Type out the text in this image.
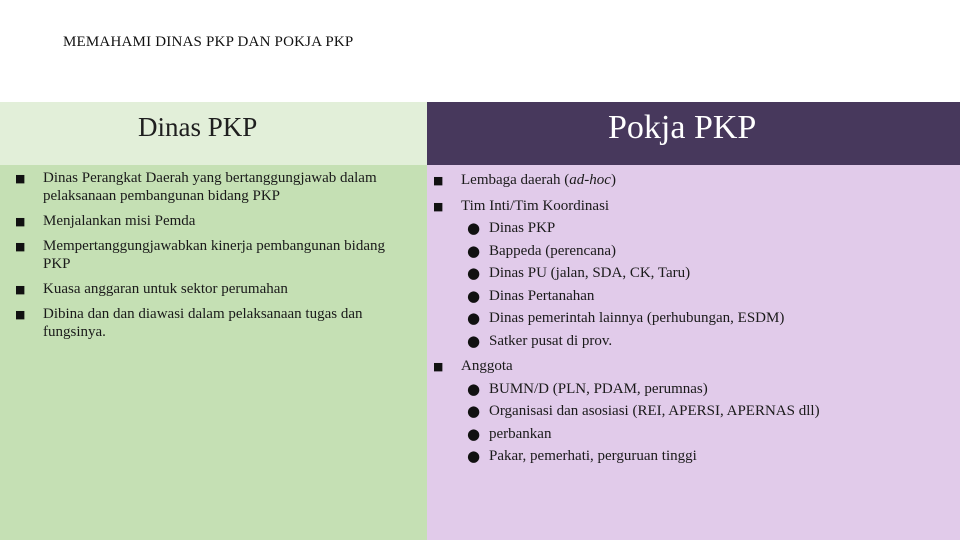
MEMAHAMI DINAS PKP DAN POKJA PKP
Dinas PKP	Pokja PKP
■ Dinas Perangkat Daerah yang bertanggungjawab dalam pelaksanaan pembangunan bidang PKP
■ Menjalankan misi Pemda
■ Mempertanggungjawabkan kinerja pembangunan bidang PKP
■ Kuasa anggaran untuk sektor perumahan
■ Dibina dan dan diawasi dalam pelaksanaan tugas dan fungsinya.
■ Lembaga daerah (ad-hoc)
■ Tim Inti/Tim Koordinasi
● Dinas PKP
● Bappeda (perencana)
● Dinas PU (jalan, SDA, CK, Taru)
● Dinas Pertanahan
● Dinas pemerintah lainnya (perhubungan, ESDM)
● Satker pusat di prov.
■ Anggota
● BUMN/D (PLN, PDAM, perumnas)
● Organisasi dan asosiasi (REI, APERSI, APERNAS dll)
● perbankan
● Pakar, pemerhati, perguruan tinggi
